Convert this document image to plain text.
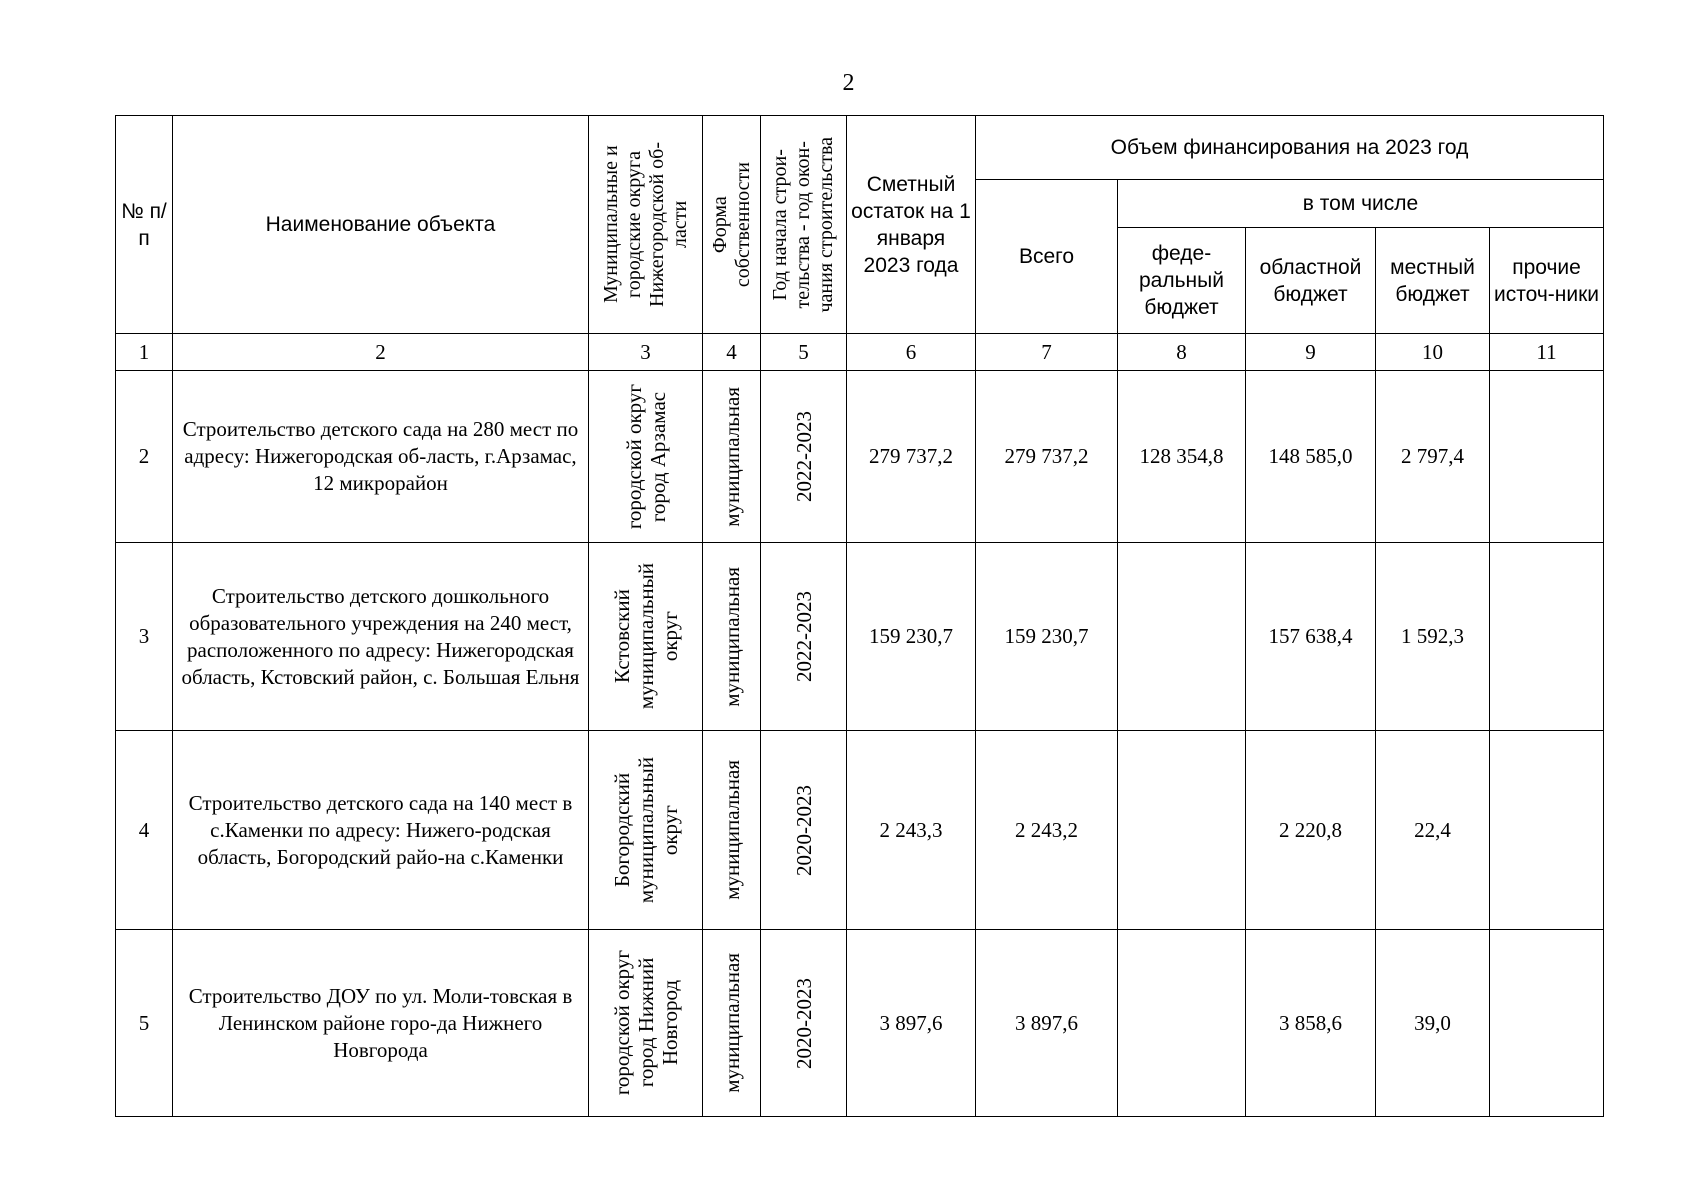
2
№ п/п	Наименование объекта	Муниципальные и
городские округа
Нижегородской об-
ласти	Форма
собственности	Год начала строи-
тельства - год окон-
чания строительства	Сметный остаток на 1 января 2023 года	Объем финансирования на 2023 год				
						Всего	в том числе			
							феде-ральный бюджет	областной бюджет	местный бюджет	прочие источ-ники
1	2	3	4	5	6	7	8	9	10	11
2	Строительство детского сада на 280 мест по адресу: Нижегородская об-ласть, г.Арзамас, 12 микрорайон	городской округ
город Арзамас	муниципальная	2022-2023	279 737,2	279 737,2	128 354,8	148 585,0	2 797,4	
3	Строительство детского дошкольного образовательного учреждения на 240 мест, расположенного по адресу: Нижегородская область, Кстовский район, с. Большая Ельня	Кстовский
муниципальный
округ	муниципальная	2022-2023	159 230,7	159 230,7		157 638,4	1 592,3	
4	Строительство детского сада на 140 мест в с.Каменки по адресу: Нижего-родская область, Богородский райо-на с.Каменки	Богородский
муниципальный
округ	муниципальная	2020-2023	2 243,3	2 243,2		2 220,8	22,4	
5	Строительство ДОУ по ул. Моли-товская в Ленинском районе горо-да Нижнего Новгорода	городской округ
город Нижний
Новгород	муниципальная	2020-2023	3 897,6	3 897,6		3 858,6	39,0	
